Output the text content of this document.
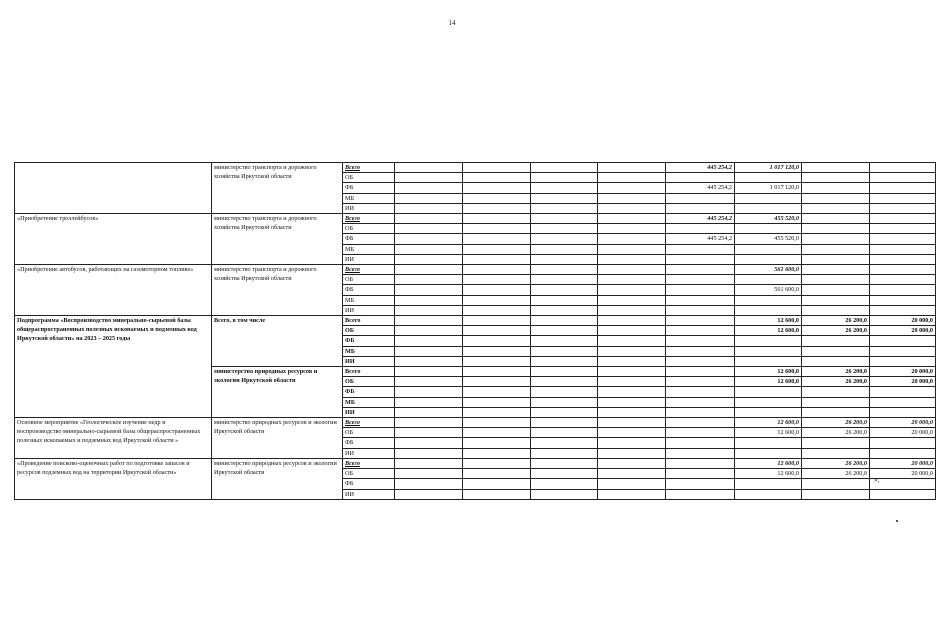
14
	министерство транспорта и дорожного хозяйства Иркутской области	Всего					445 254,2	1 017 120,0		
		ОБ								
		ФБ					445 254,2	1 017 120,0		
		МБ								
		ИИ								
«Приобретение троллейбусов»	министерство транспорта и дорожного хозяйства Иркутской области	Всего					445 254,2	455 520,0		
		ОБ								
		ФБ					445 254,2	455 520,0		
		МБ								
		ИИ								
«Приобретение автобусов, работающих на газомоторном топливе»	министерство транспорта и дорожного хозяйства Иркутской области	Всего						561 600,0		
		ОБ								
		ФБ						561 600,0		
		МБ								
		ИИ								
Подпрограмма «Воспроизводство минерально-сырьевой базы общераспространенных полезных ископаемых и подземных вод Иркутской области» на 2023 – 2025 годы	Всего, в том числе	Всего						12 600,0	26 200,0	20 000,0
		ОБ						12 600,0	26 200,0	20 000,0
		ФБ								
		МБ								
		ИИ								
	министерство природных ресурсов и экологии Иркутской области	Всего						12 600,0	26 200,0	20 000,0
		ОБ						12 600,0	26 200,0	20 000,0
		ФБ								
		МБ								
		ИИ								
Основное мероприятие «Геологическое изучение недр и воспроизводство минерально-сырьевой базы общераспространенных полезных ископаемых и подземных вод Иркутской области »	министерство природных ресурсов и экологии Иркутской области	Всего						12 600,0	26 200,0	20 000,0
		ОБ						12 600,0	26 200,0	20 000,0
		ФБ								
		ИИ								
«Проведение поисково-оценочных работ по подготовке запасов и ресурсов подземных вод на территории Иркутской области»	министерство природных ресурсов и экологии Иркутской области	Всего						12 600,0	26 200,0	20 000,0
		ОБ						12 600,0	26 200,0	20 000,0
		ФБ								
		ИИ								
»;
